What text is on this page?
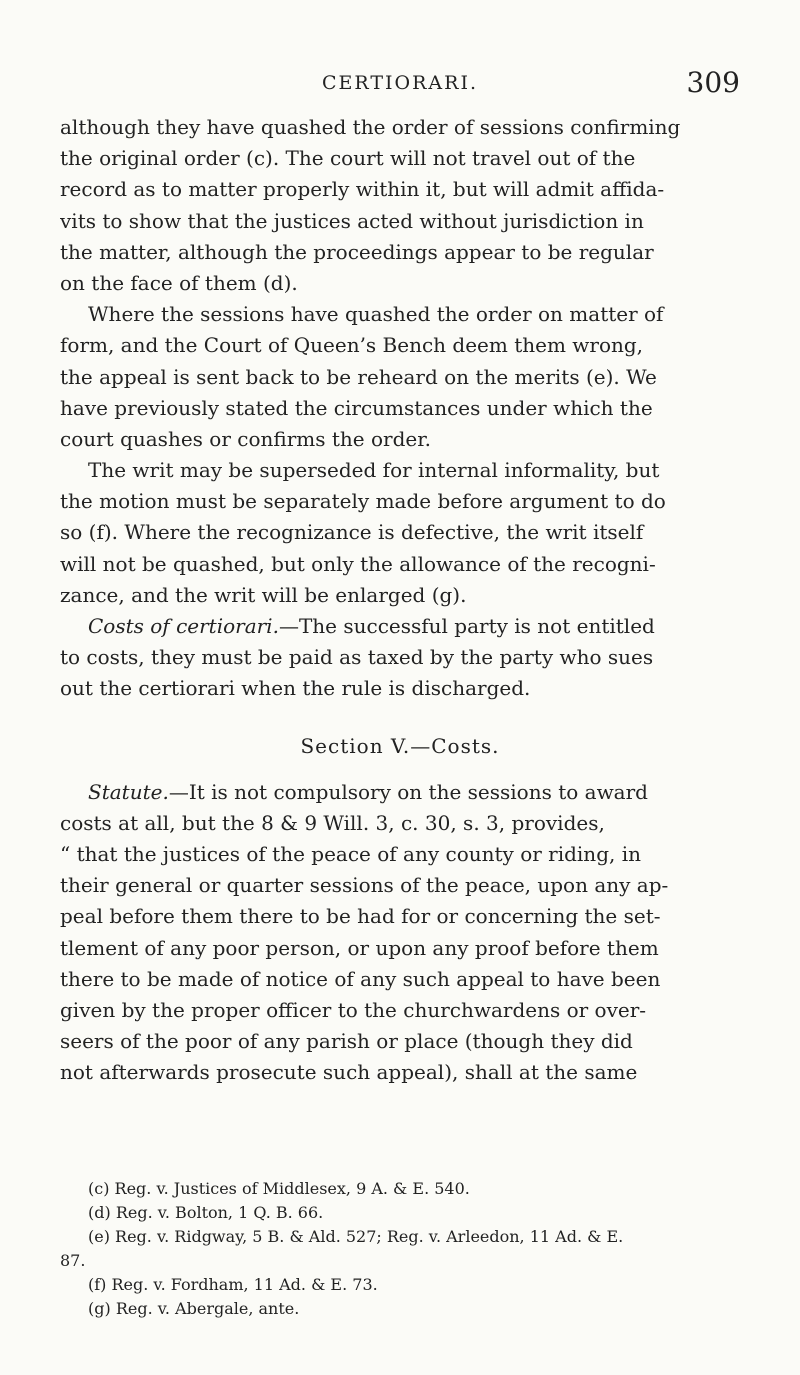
CERTIORARI.	309
although they have quashed the order of sessions confirming
the original order (c). The court will not travel out of the
record as to matter properly within it, but will admit affida-
vits to show that the justices acted without jurisdiction in
the matter, although the proceedings appear to be regular
on the face of them (d).
Where the sessions have quashed the order on matter of
form, and the Court of Queen’s Bench deem them wrong,
the appeal is sent back to be reheard on the merits (e). We
have previously stated the circumstances under which the
court quashes or confirms the order.
The writ may be superseded for internal informality, but
the motion must be separately made before argument to do
so (f). Where the recognizance is defective, the writ itself
will not be quashed, but only the allowance of the recogni-
zance, and the writ will be enlarged (g).
Costs of certiorari.—The successful party is not entitled
to costs, they must be paid as taxed by the party who sues
out the certiorari when the rule is discharged.
Section V.—Costs.
Statute.—It is not compulsory on the sessions to award
costs at all, but the 8 & 9 Will. 3, c. 30, s. 3, provides,
“ that the justices of the peace of any county or riding, in
their general or quarter sessions of the peace, upon any ap-
peal before them there to be had for or concerning the set-
tlement of any poor person, or upon any proof before them
there to be made of notice of any such appeal to have been
given by the proper officer to the churchwardens or over-
seers of the poor of any parish or place (though they did
not afterwards prosecute such appeal), shall at the same
(c) Reg. v. Justices of Middlesex, 9 A. & E. 540.
(d) Reg. v. Bolton, 1 Q. B. 66.
(e) Reg. v. Ridgway, 5 B. & Ald. 527; Reg. v. Arleedon, 11 Ad. & E.
87.
(f) Reg. v. Fordham, 11 Ad. & E. 73.
(g) Reg. v. Abergale, ante.
